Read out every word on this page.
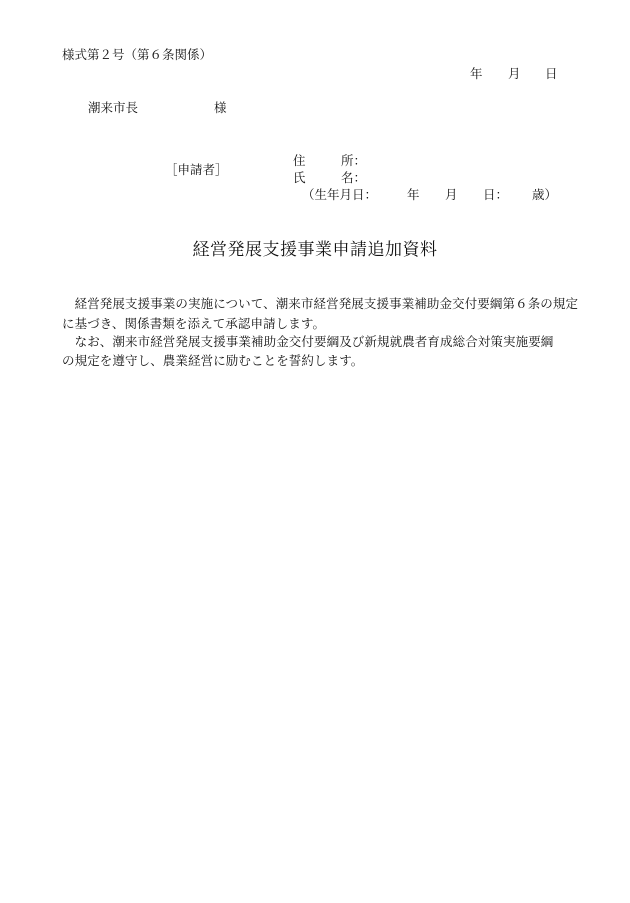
様式第２号（第６条関係）
年 月 日
潮来市長	様
［申請者］
住	所：
氏	名：
（生年月日： 年 月 日： 歳）
経営発展支援事業申請追加資料
　経営発展支援事業の実施について、潮来市経営発展支援事業補助金交付要綱第６条の規定
に基づき、関係書類を添えて承認申請します。
　なお、潮来市経営発展支援事業補助金交付要綱及び新規就農者育成総合対策実施要綱
の規定を遵守し、農業経営に励むことを誓約します。
